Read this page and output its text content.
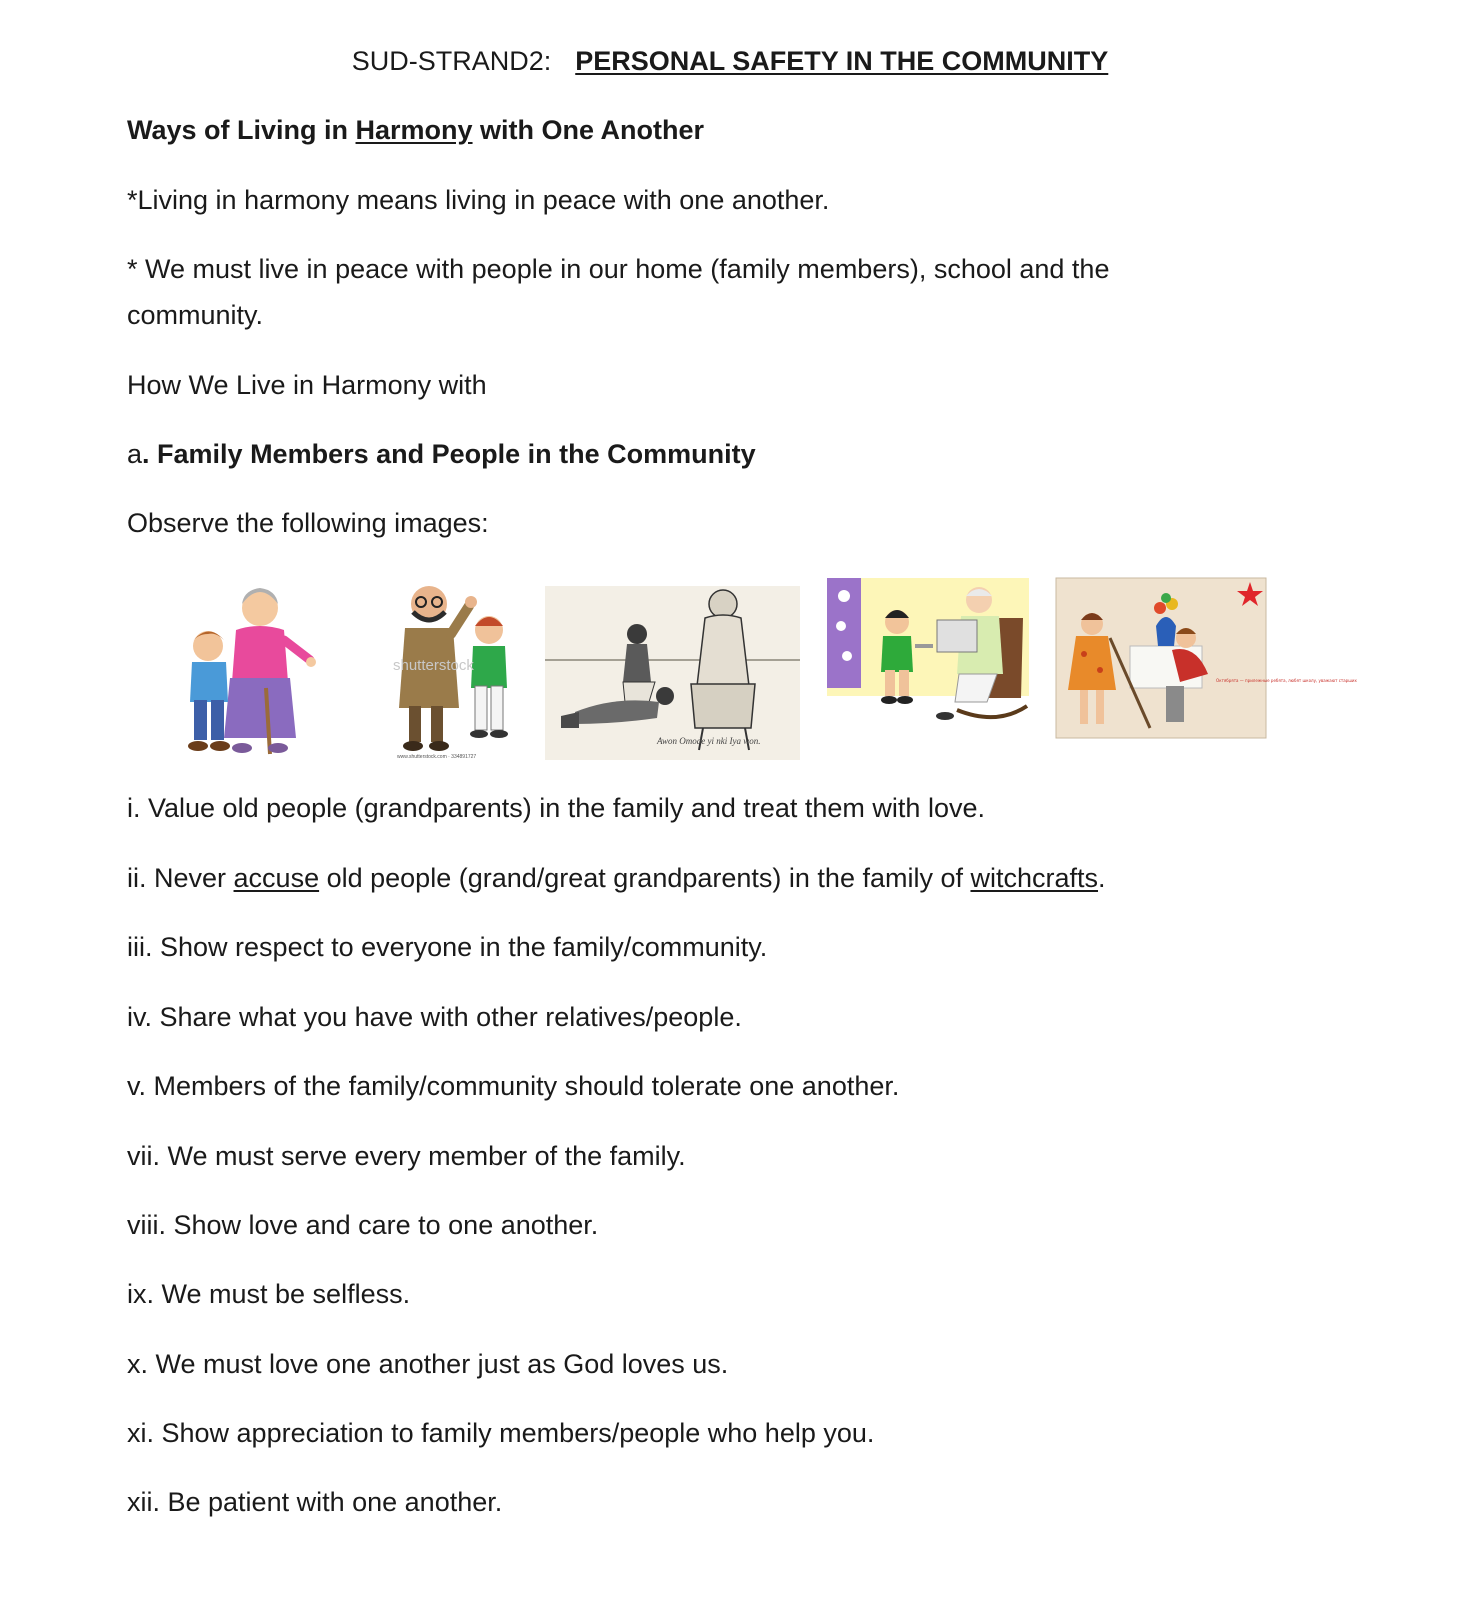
SUD-STRAND2: PERSONAL SAFETY IN THE COMMUNITY

Ways of Living in Harmony with One Another

*Living in harmony means living in peace with one another.

* We must live in peace with people in our home (family members), school and the

community.

How We Live in Harmony with

a. Family Members and People in the Community

Observe the following images:

shutterstock
www.shutterstock.com · 334891727
Awon Omode yi nki Iya won.
Октябрята — прилежные ребята, любят школу, уважают старших

i. Value old people (grandparents) in the family and treat them with love.

ii. Never accuse old people (grand/great grandparents) in the family of witchcrafts.

iii. Show respect to everyone in the family/community.

iv. Share what you have with other relatives/people.

v. Members of the family/community should tolerate one another.

vii. We must serve every member of the family.

viii. Show love and care to one another.

ix. We must be selfless.

x. We must love one another just as God loves us.

xi. Show appreciation to family members/people who help you.

xii. Be patient with one another.
